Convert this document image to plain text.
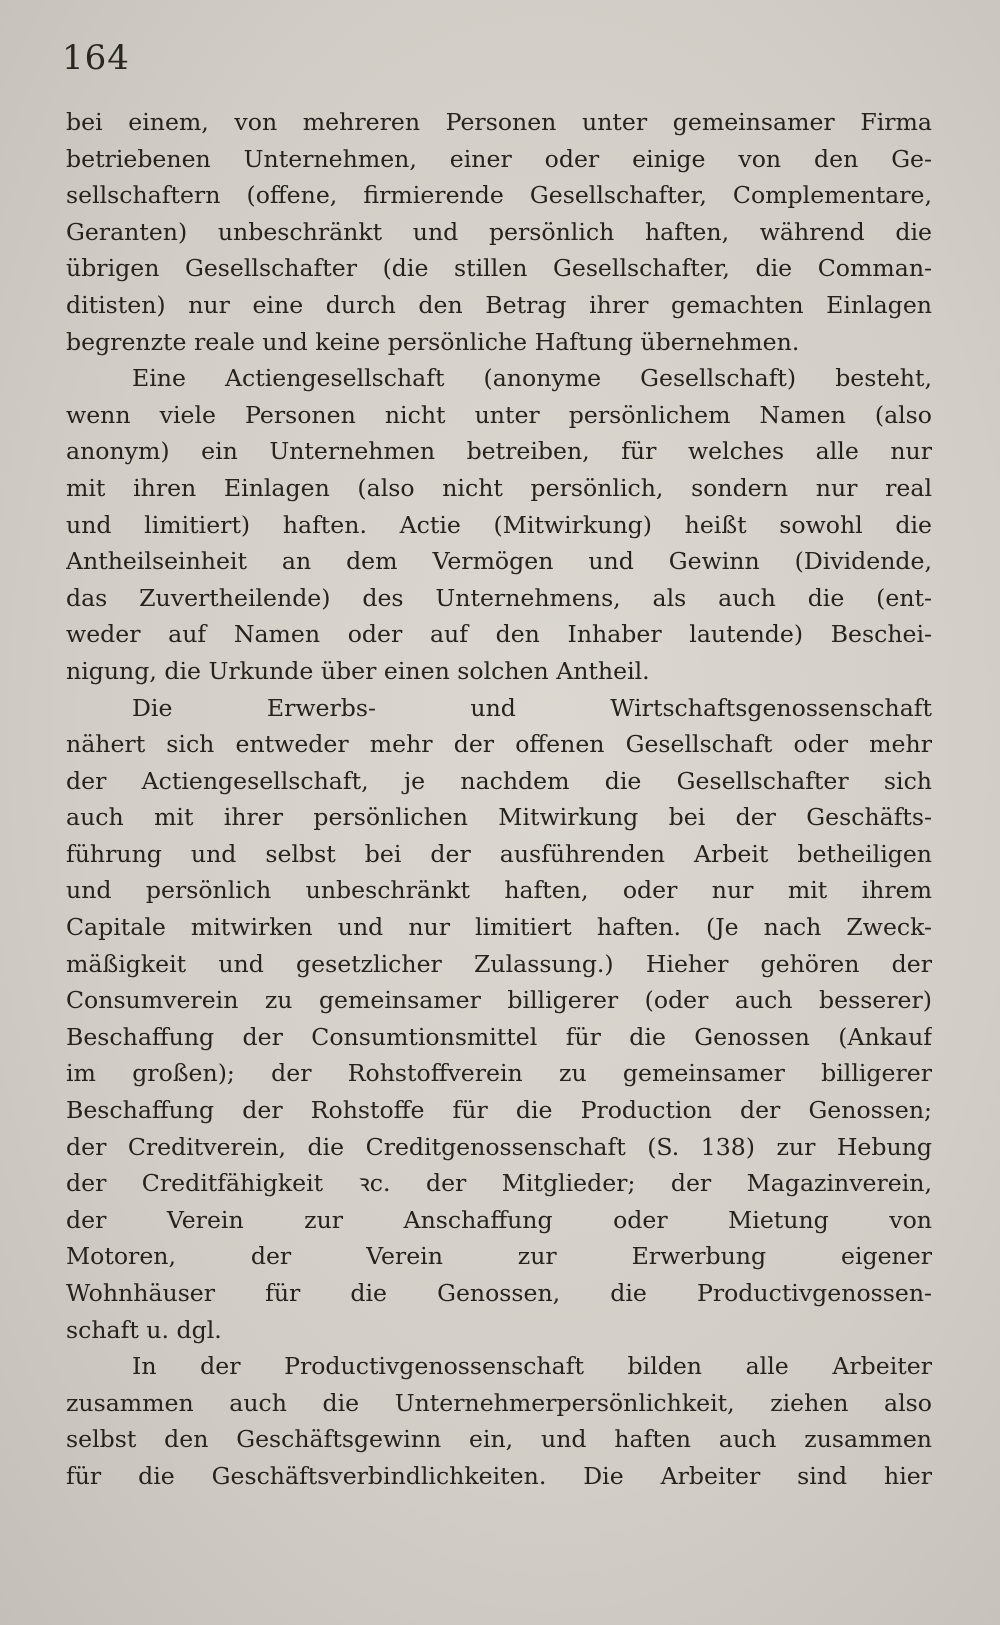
164
bei einem, von mehreren Personen unter gemeinsamer Firma
betriebenen Unternehmen, einer oder einige von den Ge-
sellschaftern (offene, firmierende Gesellschafter, Complementare,
Geranten) unbeschränkt und persönlich haften, während die
übrigen Gesellschafter (die stillen Gesellschafter, die Comman-
ditisten) nur eine durch den Betrag ihrer gemachten Einlagen
begrenzte reale und keine persönliche Haftung übernehmen.
Eine Actiengesellschaft (anonyme Gesellschaft) besteht,
wenn viele Personen nicht unter persönlichem Namen (also
anonym) ein Unternehmen betreiben, für welches alle nur
mit ihren Einlagen (also nicht persönlich, sondern nur real
und limitiert) haften. Actie (Mitwirkung) heißt sowohl die
Antheilseinheit an dem Vermögen und Gewinn (Dividende,
das Zuvertheilende) des Unternehmens, als auch die (ent-
weder auf Namen oder auf den Inhaber lautende) Beschei-
nigung, die Urkunde über einen solchen Antheil.
Die Erwerbs- und Wirtschaftsgenossenschaft
nähert sich entweder mehr der offenen Gesellschaft oder mehr
der Actiengesellschaft, je nachdem die Gesellschafter sich
auch mit ihrer persönlichen Mitwirkung bei der Geschäfts-
führung und selbst bei der ausführenden Arbeit betheiligen
und persönlich unbeschränkt haften, oder nur mit ihrem
Capitale mitwirken und nur limitiert haften. (Je nach Zweck-
mäßigkeit und gesetzlicher Zulassung.) Hieher gehören der
Consumverein zu gemeinsamer billigerer (oder auch besserer)
Beschaffung der Consumtionsmittel für die Genossen (Ankauf
im großen); der Rohstoffverein zu gemeinsamer billigerer
Beschaffung der Rohstoffe für die Production der Genossen;
der Creditverein, die Creditgenossenschaft (S. 138) zur Hebung
der Creditfähigkeit ꝛc. der Mitglieder; der Magazinverein,
der Verein zur Anschaffung oder Mietung von
Motoren, der Verein zur Erwerbung eigener
Wohnhäuser für die Genossen, die Productivgenossen-
schaft u. dgl.
In der Productivgenossenschaft bilden alle Arbeiter
zusammen auch die Unternehmerpersönlichkeit, ziehen also
selbst den Geschäftsgewinn ein, und haften auch zusammen
für die Geschäftsverbindlichkeiten. Die Arbeiter sind hier
